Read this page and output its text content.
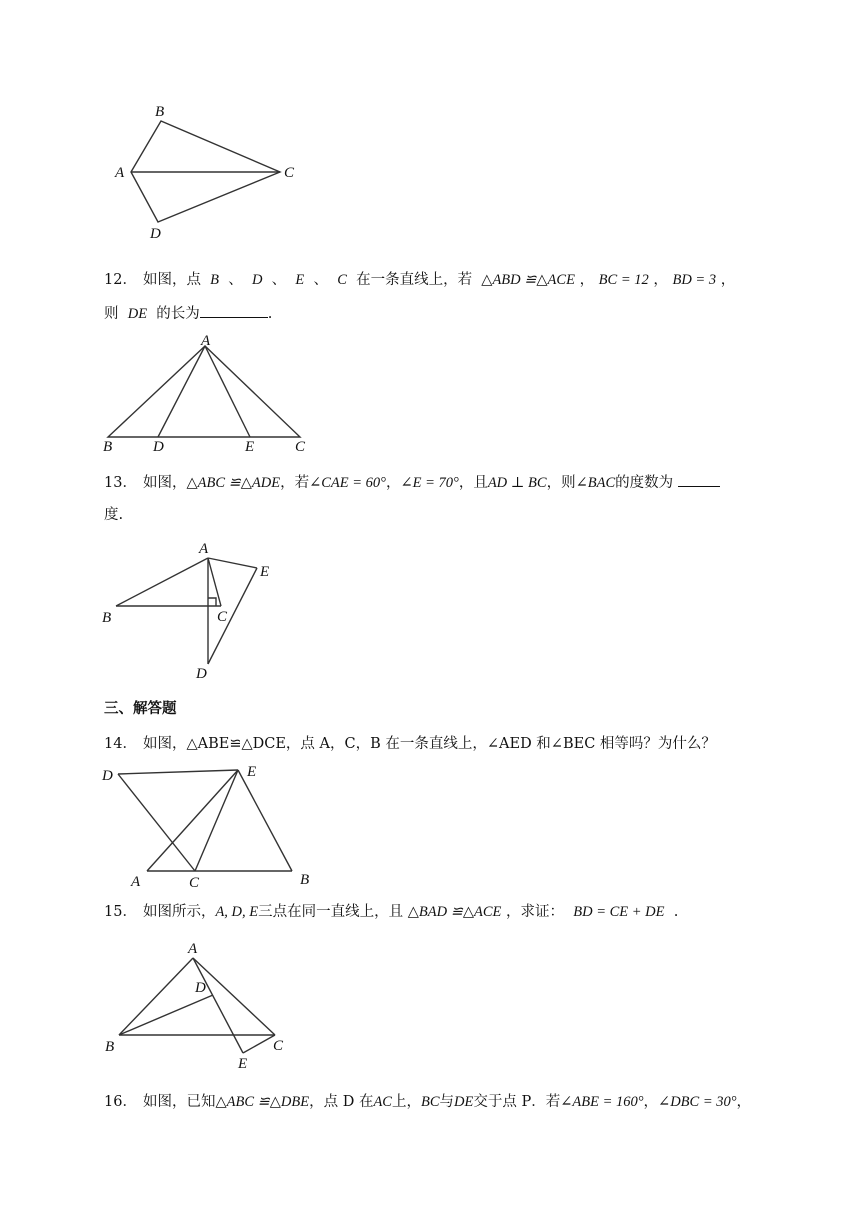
A
B
C
D
12． 如图，点 B 、 D 、 E 、 C 在一条直线上，若 △ABD ≌△ACE ， BC = 12 ， BD = 3 ，
则 DE 的长为	.
A
B	D	E	C
13． 如图，△ABC ≌△ADE，若∠CAE = 60°，∠E = 70°，且AD ⊥ BC，则∠BAC的度数为
度.
A
E
B	C
D
三、解答题
14． 如图，△ABE≌△DCE，点 A，C，B 在一条直线上，∠AED 和∠BEC 相等吗？为什么？
D	E
A	C	B
15． 如图所示，A, D, E三点在同一直线上，且 △BAD ≌△ACE ，求证： BD = CE + DE .
A
D
B	C
E
16． 如图，已知△ABC ≌△DBE，点 D 在AC上，BC与DE交于点 P．若∠ABE = 160°，∠DBC = 30°，
